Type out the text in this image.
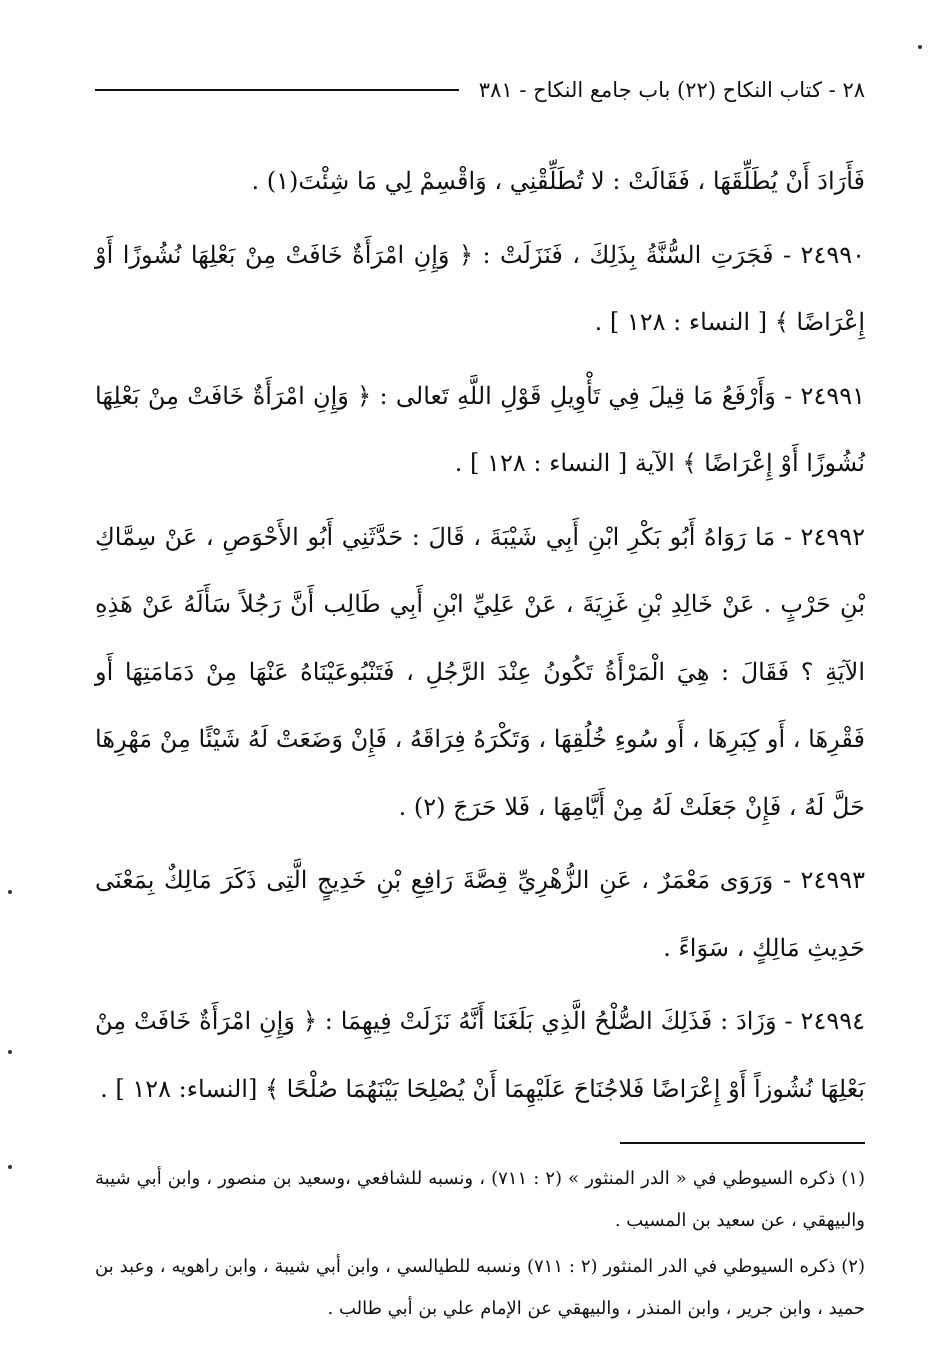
٢٨ - كتاب النكاح (٢٢) باب جامع النكاح - ٣٨١

فَأَرَادَ أَنْ يُطَلِّقَهَا ، فَقَالَتْ : لا تُطَلِّقْنِي ، وَاقْسِمْ لِي مَا شِئْتَ(١) .

٢٤٩٩٠ - فَجَرَتِ السُّنَّةُ بِذَلِكَ ، فَنَزَلَتْ : ﴿ وَإِنِ امْرَأَةٌ خَافَتْ مِنْ بَعْلِهَا نُشُوزًا أَوْ إِعْرَاضًا ﴾ [ النساء : ١٢٨ ] .

٢٤٩٩١ - وَأَرْفَعُ مَا قِيلَ فِي تَأْوِيلِ قَوْلِ اللَّهِ تَعالى : ﴿ وَإِنِ امْرَأَةٌ خَافَتْ مِنْ بَعْلِهَا نُشُوزًا أَوْ إِعْرَاضًا ﴾ الآية [ النساء : ١٢٨ ] .

٢٤٩٩٢ - مَا رَوَاهُ أَبُو بَكْرِ ابْنِ أَبِي شَيْبَةَ ، قَالَ : حَدَّثَنِي أَبُو الأَحْوَصِ ، عَنْ سِمَّاكِ بْنِ حَرْبٍ . عَنْ خَالِدِ بْنِ غَزِيَةَ ، عَنْ عَلِيِّ ابْنِ أَبِي طَالِب أَنَّ رَجُلاً سَأَلَهُ عَنْ هَذِهِ الآيَةِ ؟ فَقَالَ : هِيَ الْمَرْأَةُ تَكُونُ عِنْدَ الرَّجُلِ ، فَتَنْبُوعَيْنَاهُ عَنْهَا مِنْ دَمَامَتِهَا أَو فَقْرِهَا ، أَو كِبَرِهَا ، أَو سُوءِ خُلُقِهَا ، وَتَكْرَهُ فِرَاقَهُ ، فَإِنْ وَضَعَتْ لَهُ شَيْئًا مِنْ مَهْرِهَا حَلَّ لَهُ ، فَإِنْ جَعَلَتْ لَهُ مِنْ أَيَّامِهَا ، فَلا حَرَجَ (٢) .

٢٤٩٩٣ - وَرَوَى مَعْمَرٌ ، عَنِ الزُّهْرِيِّ قِصَّةَ رَافِعِ بْنِ خَدِيجٍ الَّتِى ذَكَرَ مَالِكٌ بِمَعْنَى حَدِيثِ مَالِكٍ ، سَوَاءً .

٢٤٩٩٤ - وَزَادَ : فَذَلِكَ الصُّلْحُ الَّذِي بَلَغَنَا أَنَّهُ نَزَلَتْ فِيهِمَا : ﴿ وَإِنِ امْرَأَةٌ خَافَتْ مِنْ بَعْلِهَا نُشُوزاً أَوْ إِعْرَاضًا فَلاجُنَاحَ عَلَيْهِمَا أَنْ يُصْلِحَا بَيْنَهُمَا صُلْحًا ﴾ [النساء: ١٢٨ ] .

(١) ذكره السيوطي في « الدر المنثور » (٢ : ٧١١) ، ونسبه للشافعي ،وسعيد بن منصور ، وابن أبي شيبة والبيهقي ، عن سعيد بن المسيب .

(٢) ذكره السيوطي في الدر المنثور (٢ : ٧١١) ونسبه للطيالسي ، وابن أبي شيبة ، وابن راهويه ، وعبد بن حميد ، وابن جرير ، وابن المنذر ، والبيهقي عن الإمام علي بن أبي طالب .
